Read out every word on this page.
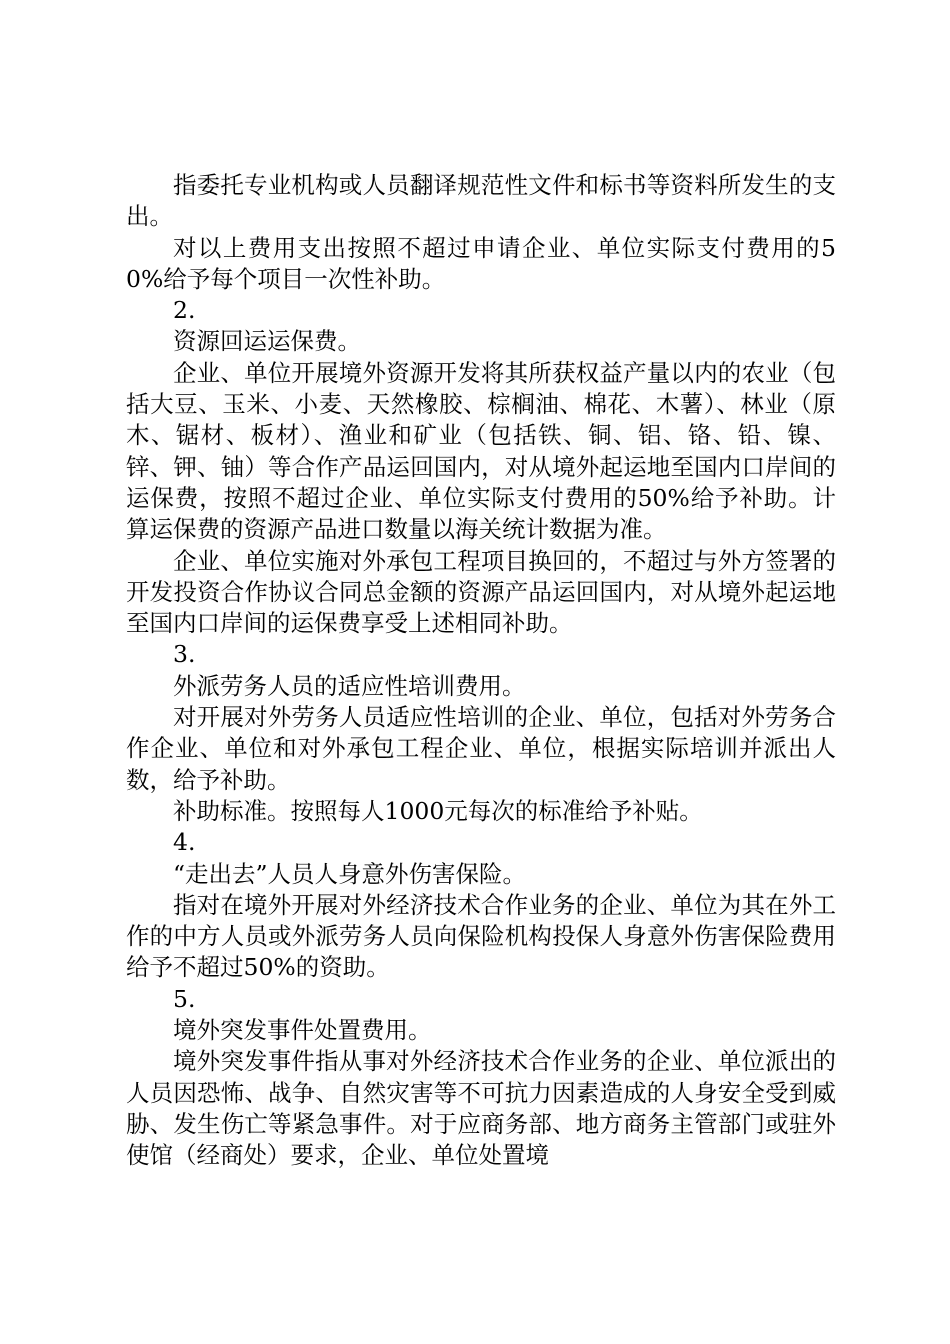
指委托专业机构或人员翻译规范性文件和标书等资料所发生的支出。

对以上费用支出按照不超过申请企业、单位实际支付费用的50%给予每个项目一次性补助。

2.

资源回运运保费。

企业、单位开展境外资源开发将其所获权益产量以内的农业（包括大豆、玉米、小麦、天然橡胶、棕榈油、棉花、木薯）、林业（原木、锯材、板材）、渔业和矿业（包括铁、铜、铝、铬、铅、镍、锌、钾、铀）等合作产品运回国内，对从境外起运地至国内口岸间的运保费，按照不超过企业、单位实际支付费用的50%给予补助。计算运保费的资源产品进口数量以海关统计数据为准。

企业、单位实施对外承包工程项目换回的，不超过与外方签署的开发投资合作协议合同总金额的资源产品运回国内，对从境外起运地至国内口岸间的运保费享受上述相同补助。

3.

外派劳务人员的适应性培训费用。

对开展对外劳务人员适应性培训的企业、单位，包括对外劳务合作企业、单位和对外承包工程企业、单位，根据实际培训并派出人数，给予补助。

补助标准。按照每人1000元每次的标准给予补贴。

4.

“走出去”人员人身意外伤害保险。

指对在境外开展对外经济技术合作业务的企业、单位为其在外工作的中方人员或外派劳务人员向保险机构投保人身意外伤害保险费用给予不超过50%的资助。

5.

境外突发事件处置费用。

境外突发事件指从事对外经济技术合作业务的企业、单位派出的人员因恐怖、战争、自然灾害等不可抗力因素造成的人身安全受到威胁、发生伤亡等紧急事件。对于应商务部、地方商务主管部门或驻外使馆（经商处）要求，企业、单位处置境
